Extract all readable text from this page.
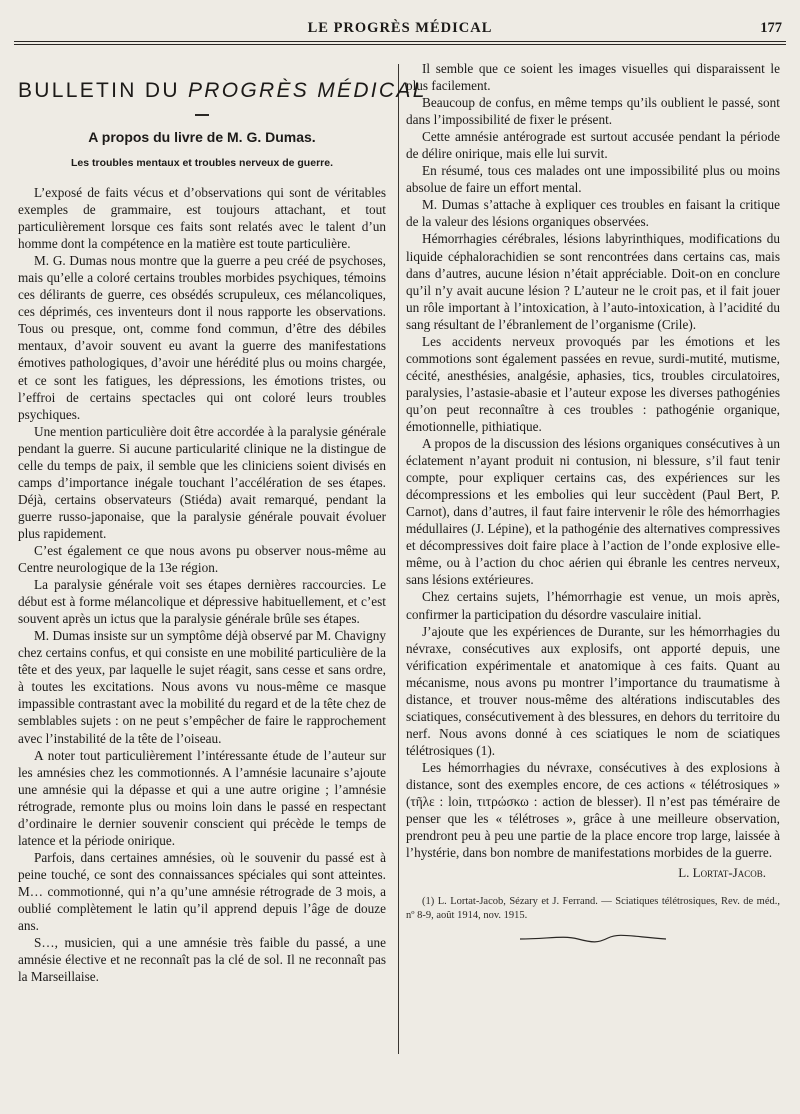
LE PROGRÈS MÉDICAL	177
BULLETIN DU PROGRÈS MÉDICAL
A propos du livre de M. G. Dumas.
Les troubles mentaux et troubles nerveux de guerre.

L’exposé de faits vécus et d’observations qui sont de véritables exemples de grammaire, est toujours attachant, et tout particulièrement lorsque ces faits sont relatés avec le talent d’un homme dont la compétence en la matière est toute particulière.

M. G. Dumas nous montre que la guerre a peu créé de psychoses, mais qu’elle a coloré certains troubles morbides psychiques, témoins ces délirants de guerre, ces obsédés scrupuleux, ces mélancoliques, ces déprimés, ces inventeurs dont il nous rapporte les observations. Tous ou presque, ont, comme fond commun, d’être des débiles mentaux, d’avoir souvent eu avant la guerre des manifestations émotives pathologiques, d’avoir une hérédité plus ou moins chargée, et ce sont les fatigues, les dépressions, les émotions tristes, ou l’effroi de certains spectacles qui ont coloré leurs troubles psychiques.

Une mention particulière doit être accordée à la paralysie générale pendant la guerre. Si aucune particularité clinique ne la distingue de celle du temps de paix, il semble que les cliniciens soient divisés en camps d’importance inégale touchant l’accélération de ses étapes. Déjà, certains observateurs (Stiéda) avait remarqué, pendant la guerre russo-japonaise, que la paralysie générale pouvait évoluer plus rapidement.

C’est également ce que nous avons pu observer nous-même au Centre neurologique de la 13e région.

La paralysie générale voit ses étapes dernières raccourcies. Le début est à forme mélancolique et dépressive habituellement, et c’est souvent après un ictus que la paralysie générale brûle ses étapes.

M. Dumas insiste sur un symptôme déjà observé par M. Chavigny chez certains confus, et qui consiste en une mobilité particulière de la tête et des yeux, par laquelle le sujet réagit, sans cesse et sans ordre, à toutes les excitations. Nous avons vu nous-même ce masque impassible contrastant avec la mobilité du regard et de la tête chez de semblables sujets : on ne peut s’empêcher de faire le rapprochement avec l’instabilité de la tête de l’oiseau.

A noter tout particulièrement l’intéressante étude de l’auteur sur les amnésies chez les commotionnés. A l’amnésie lacunaire s’ajoute une amnésie qui la dépasse et qui a une autre origine ; l’amnésie rétrograde, remonte plus ou moins loin dans le passé en respectant d’ordinaire le dernier souvenir conscient qui précède le temps de latence et la période onirique.

Parfois, dans certaines amnésies, où le souvenir du passé est à peine touché, ce sont des connaissances spéciales qui sont atteintes. M… commotionné, qui n’a qu’une amnésie rétrograde de 3 mois, a oublié complètement le latin qu’il apprend depuis l’âge de douze ans.

S…, musicien, qui a une amnésie très faible du passé, a une amnésie élective et ne reconnaît pas la clé de sol. Il ne reconnaît pas la Marseillaise.

Il semble que ce soient les images visuelles qui disparaissent le plus facilement.

Beaucoup de confus, en même temps qu’ils oublient le passé, sont dans l’impossibilité de fixer le présent.

Cette amnésie antérograde est surtout accusée pendant la période de délire onirique, mais elle lui survit.

En résumé, tous ces malades ont une impossibilité plus ou moins absolue de faire un effort mental.

M. Dumas s’attache à expliquer ces troubles en faisant la critique de la valeur des lésions organiques observées.

Hémorrhagies cérébrales, lésions labyrinthiques, modifications du liquide céphalorachidien se sont rencontrées dans certains cas, mais dans d’autres, aucune lésion n’était appréciable. Doit-on en conclure qu’il n’y avait aucune lésion ? L’auteur ne le croit pas, et il fait jouer un rôle important à l’intoxication, à l’auto-intoxication, à l’acidité du sang résultant de l’ébranlement de l’organisme (Crile).

Les accidents nerveux provoqués par les émotions et les commotions sont également passées en revue, surdi-mutité, mutisme, cécité, anesthésies, analgésie, aphasies, tics, troubles circulatoires, paralysies, l’astasie-abasie et l’auteur expose les diverses pathogénies qu’on peut reconnaître à ces troubles : pathogénie organique, émotionnelle, pithiatique.

A propos de la discussion des lésions organiques consécutives à un éclatement n’ayant produit ni contusion, ni blessure, s’il faut tenir compte, pour expliquer certains cas, des expériences sur les décompressions et les embolies qui leur succèdent (Paul Bert, P. Carnot), dans d’autres, il faut faire intervenir le rôle des hémorrhagies médullaires (J. Lépine), et la pathogénie des alternatives compressives et décompressives doit faire place à l’action de l’onde explosive elle-même, ou à l’action du choc aérien qui ébranle les centres nerveux, sans lésions extérieures.

Chez certains sujets, l’hémorrhagie est venue, un mois après, confirmer la participation du désordre vasculaire initial.

J’ajoute que les expériences de Durante, sur les hémorrhagies du névraxe, consécutives aux explosifs, ont apporté depuis, une vérification expérimentale et anatomique à ces faits. Quant au mécanisme, nous avons pu montrer l’importance du traumatisme à distance, et trouver nous-même des altérations indiscutables des sciatiques, consécutivement à des blessures, en dehors du territoire du nerf. Nous avons donné à ces sciatiques le nom de sciatiques télétrosiques (1).

Les hémorrhagies du névraxe, consécutives à des explosions à distance, sont des exemples encore, de ces actions « télétrosiques » (τῆλε : loin, τιτρώσκω : action de blesser). Il n’est pas téméraire de penser que les « télétroses », grâce à une meilleure observation, prendront peu à peu une partie de la place encore trop large, laissée à l’hystérie, dans bon nombre de manifestations morbides de la guerre.

L. Lortat-Jacob.
(1) L. Lortat-Jacob, Sézary et J. Ferrand. — Sciatiques télétrosiques, Rev. de méd., nº 8-9, août 1914, nov. 1915.
